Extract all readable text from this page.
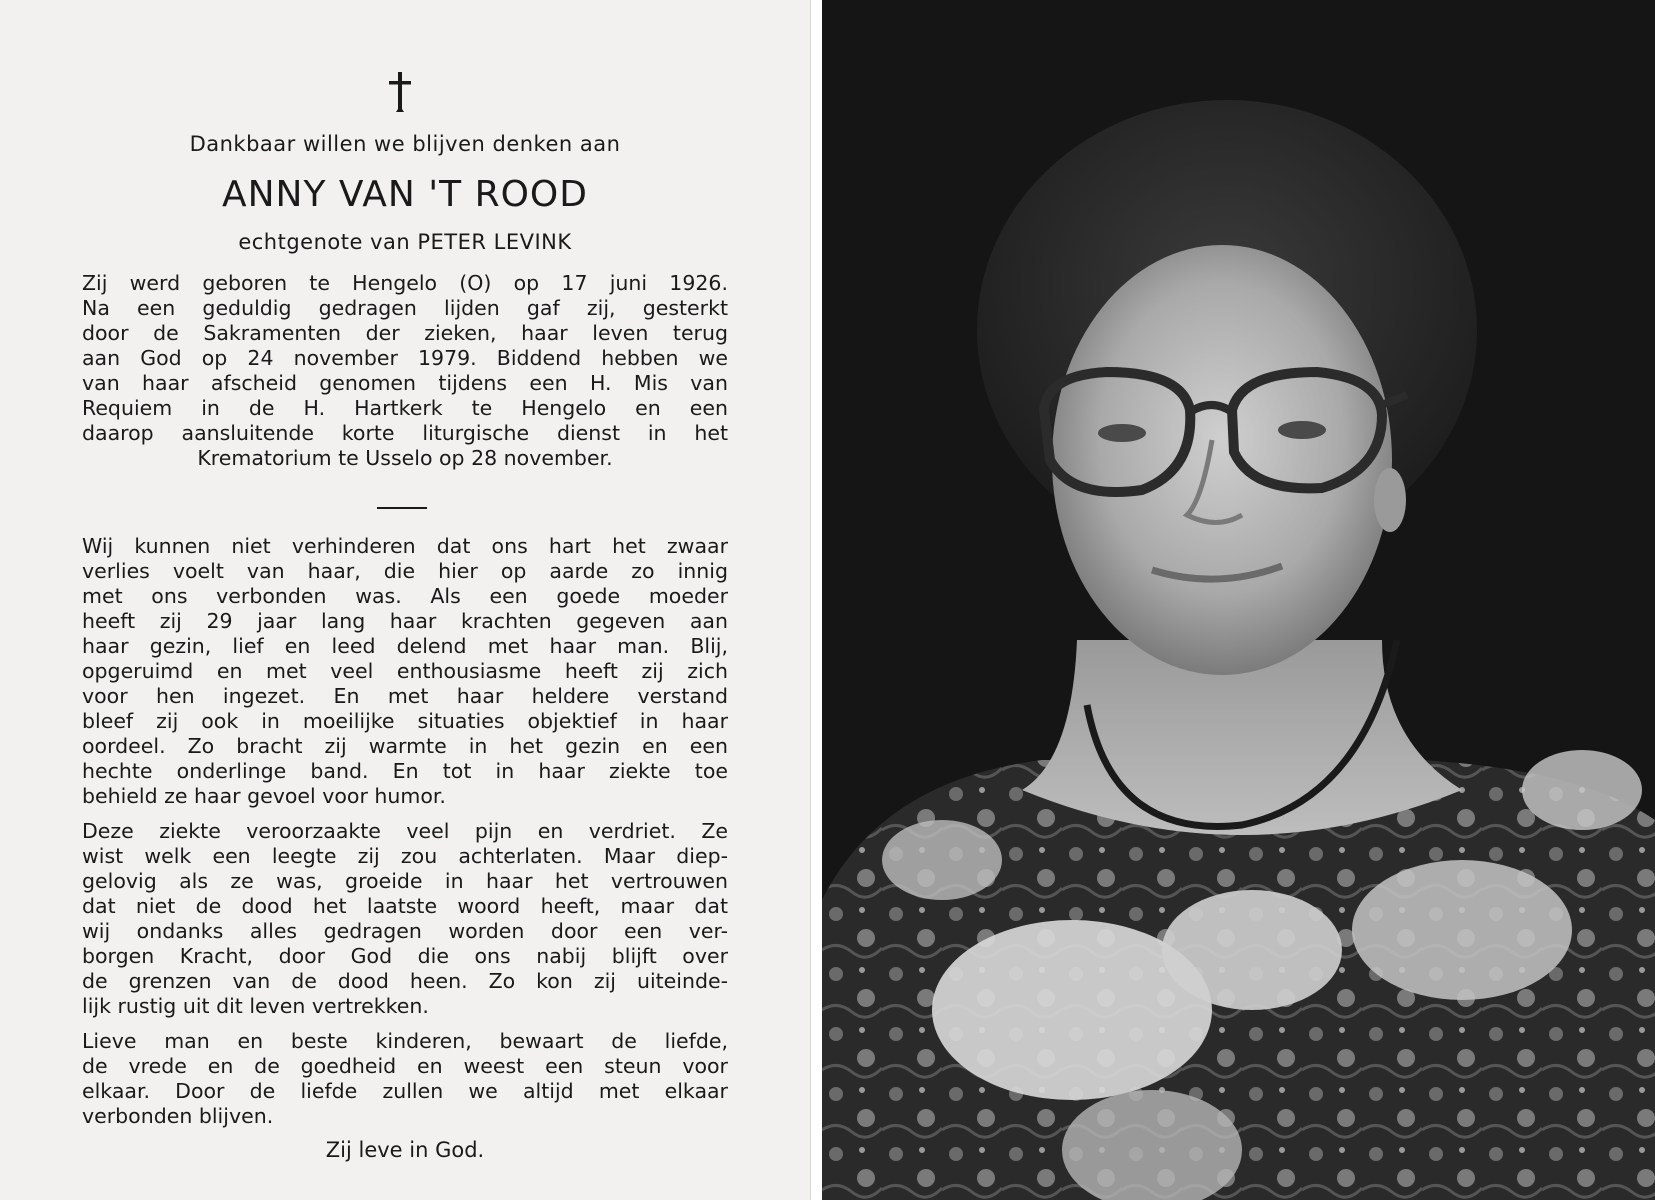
Dankbaar willen we blijven denken aan
ANNY VAN 'T ROOD
echtgenote van PETER LEVINK
Zij werd geboren te Hengelo (O) op 17 juni 1926.
Na een geduldig gedragen lijden gaf zij, gesterkt
door de Sakramenten der zieken, haar leven terug
aan God op 24 november 1979. Biddend hebben we
van haar afscheid genomen tijdens een H. Mis van
Requiem in de H. Hartkerk te Hengelo en een
daarop aansluitende korte liturgische dienst in het
Krematorium te Usselo op 28 november.
Wij kunnen niet verhinderen dat ons hart het zwaar
verlies voelt van haar, die hier op aarde zo innig
met ons verbonden was. Als een goede moeder
heeft zij 29 jaar lang haar krachten gegeven aan
haar gezin, lief en leed delend met haar man. Blij,
opgeruimd en met veel enthousiasme heeft zij zich
voor hen ingezet. En met haar heldere verstand
bleef zij ook in moeilijke situaties objektief in haar
oordeel. Zo bracht zij warmte in het gezin en een
hechte onderlinge band. En tot in haar ziekte toe
behield ze haar gevoel voor humor.
Deze ziekte veroorzaakte veel pijn en verdriet. Ze
wist welk een leegte zij zou achterlaten. Maar diep-
gelovig als ze was, groeide in haar het vertrouwen
dat niet de dood het laatste woord heeft, maar dat
wij ondanks alles gedragen worden door een ver-
borgen Kracht, door God die ons nabij blijft over
de grenzen van de dood heen. Zo kon zij uiteinde-
lijk rustig uit dit leven vertrekken.
Lieve man en beste kinderen, bewaart de liefde,
de vrede en de goedheid en weest een steun voor
elkaar. Door de liefde zullen we altijd met elkaar
verbonden blijven.
Zij leve in God.
